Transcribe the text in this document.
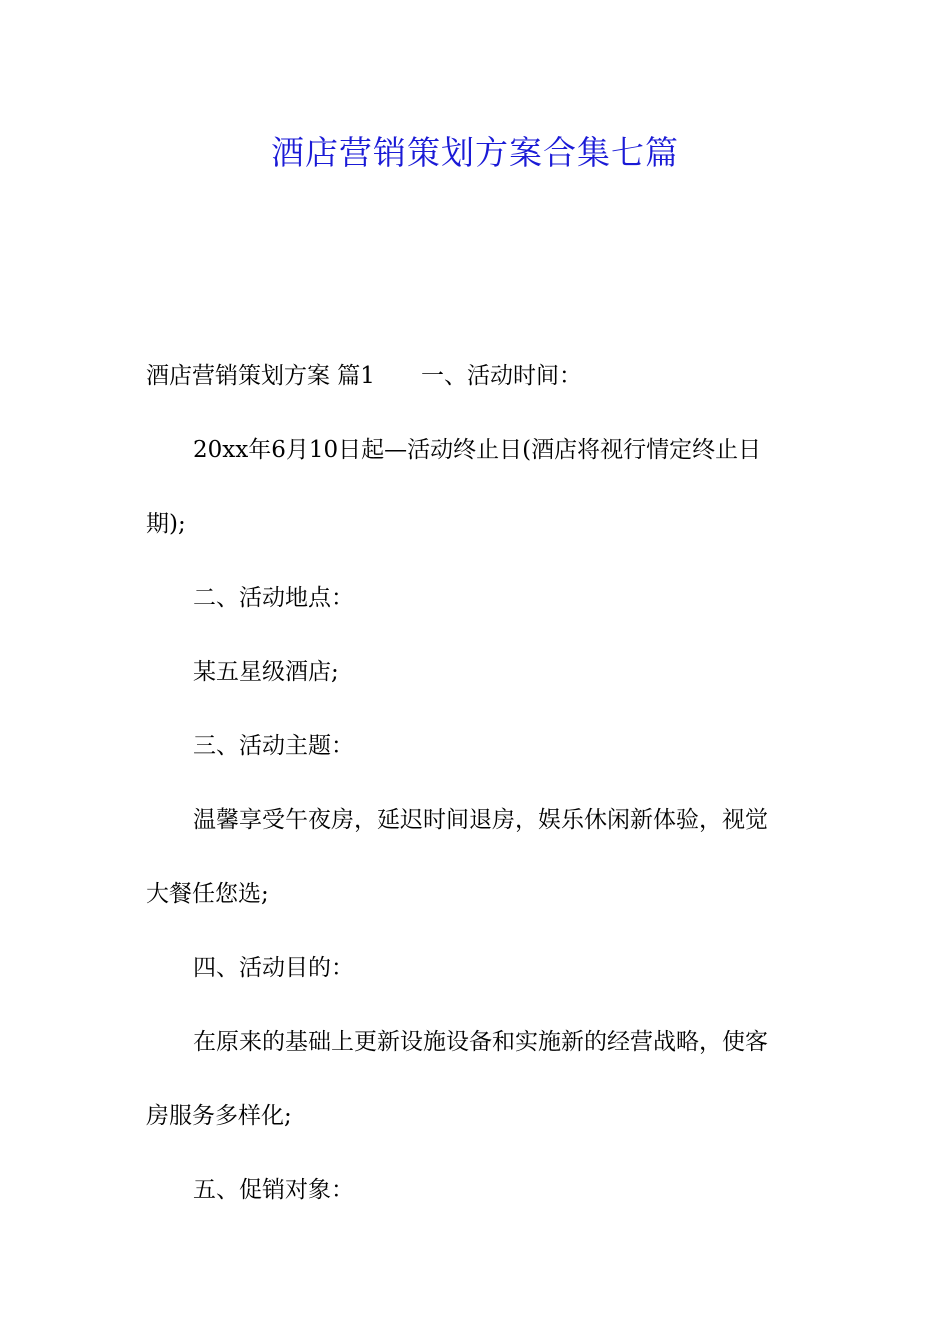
酒店营销策划方案合集七篇
酒店营销策划方案 篇1 一、活动时间：
20xx年6月10日起—活动终止日(酒店将视行情定终止日
期);
二、活动地点：
某五星级酒店;
三、活动主题：
温馨享受午夜房，延迟时间退房，娱乐休闲新体验，视觉
大餐任您选;
四、活动目的：
在原来的基础上更新设施设备和实施新的经营战略，使客
房服务多样化;
五、促销对象：
